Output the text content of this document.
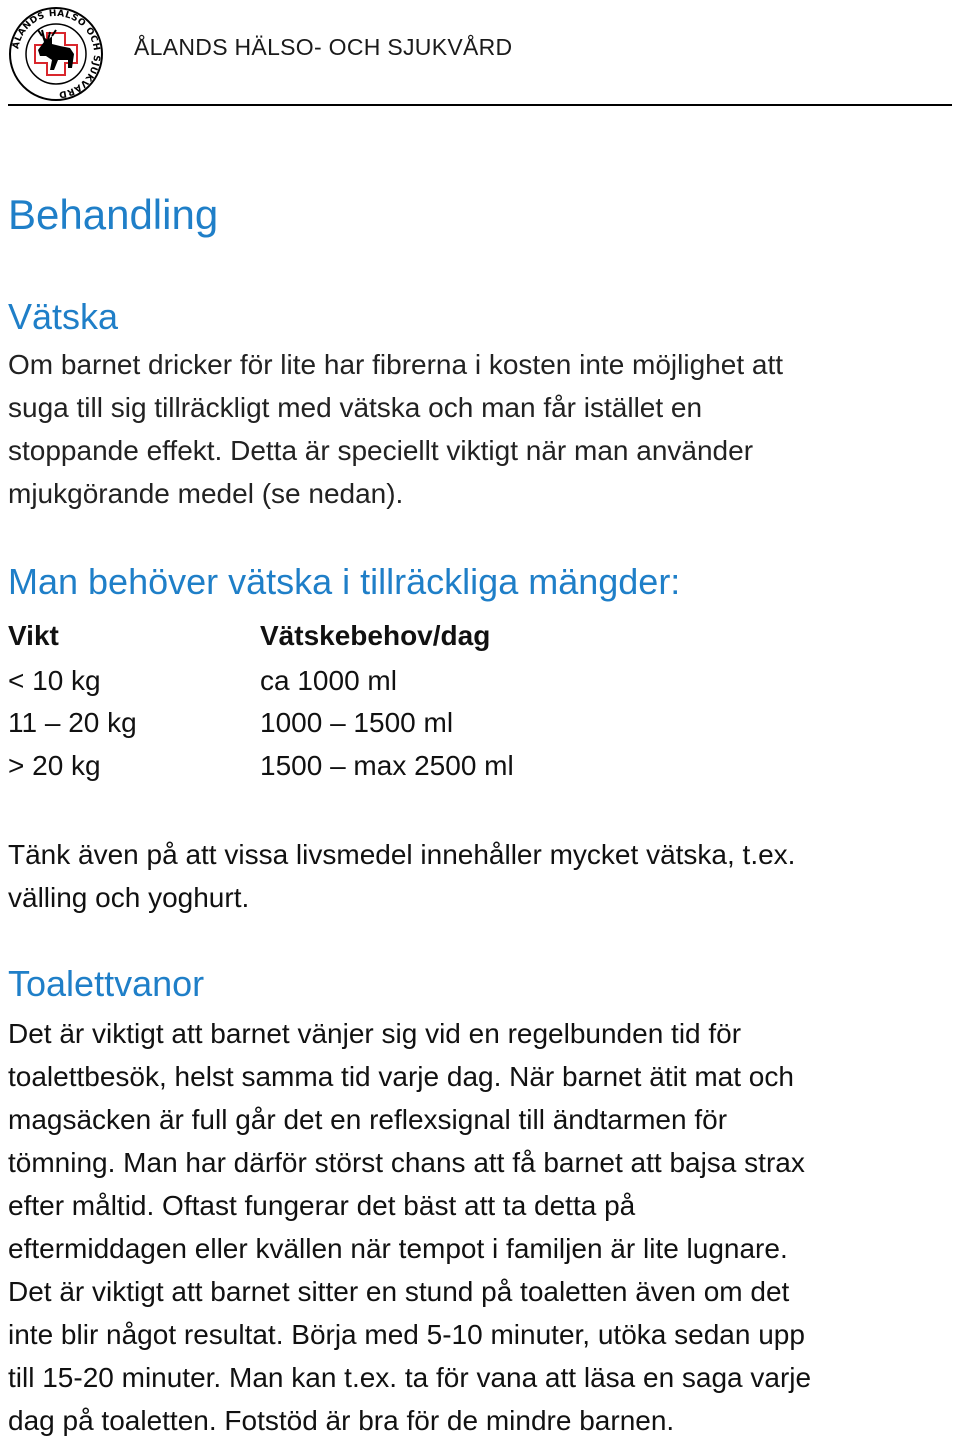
ÅLANDS HÄLSO OCH SJUKVÅRD
ÅLANDS HÄLSO- OCH SJUKVÅRD
Behandling
Vätska
Om barnet dricker för lite har fibrerna i kosten inte möjlighet att
suga till sig tillräckligt med vätska och man får istället en
stoppande effekt. Detta är speciellt viktigt när man använder
mjukgörande medel (se nedan).
Man behöver vätska i tillräckliga mängder:
Vikt	Vätskebehov/dag
< 10 kg	ca 1000 ml
11 – 20 kg	1000 – 1500 ml
> 20 kg	1500 – max 2500 ml
Tänk även på att vissa livsmedel innehåller mycket vätska, t.ex.
välling och yoghurt.
Toalettvanor
Det är viktigt att barnet vänjer sig vid en regelbunden tid för
toalettbesök, helst samma tid varje dag. När barnet ätit mat och
magsäcken är full går det en reflexsignal till ändtarmen för
tömning. Man har därför störst chans att få barnet att bajsa strax
efter måltid. Oftast fungerar det bäst att ta detta på
eftermiddagen eller kvällen när tempot i familjen är lite lugnare.
Det är viktigt att barnet sitter en stund på toaletten även om det
inte blir något resultat. Börja med 5-10 minuter, utöka sedan upp
till 15-20 minuter. Man kan t.ex. ta för vana att läsa en saga varje
dag på toaletten. Fotstöd är bra för de mindre barnen.
